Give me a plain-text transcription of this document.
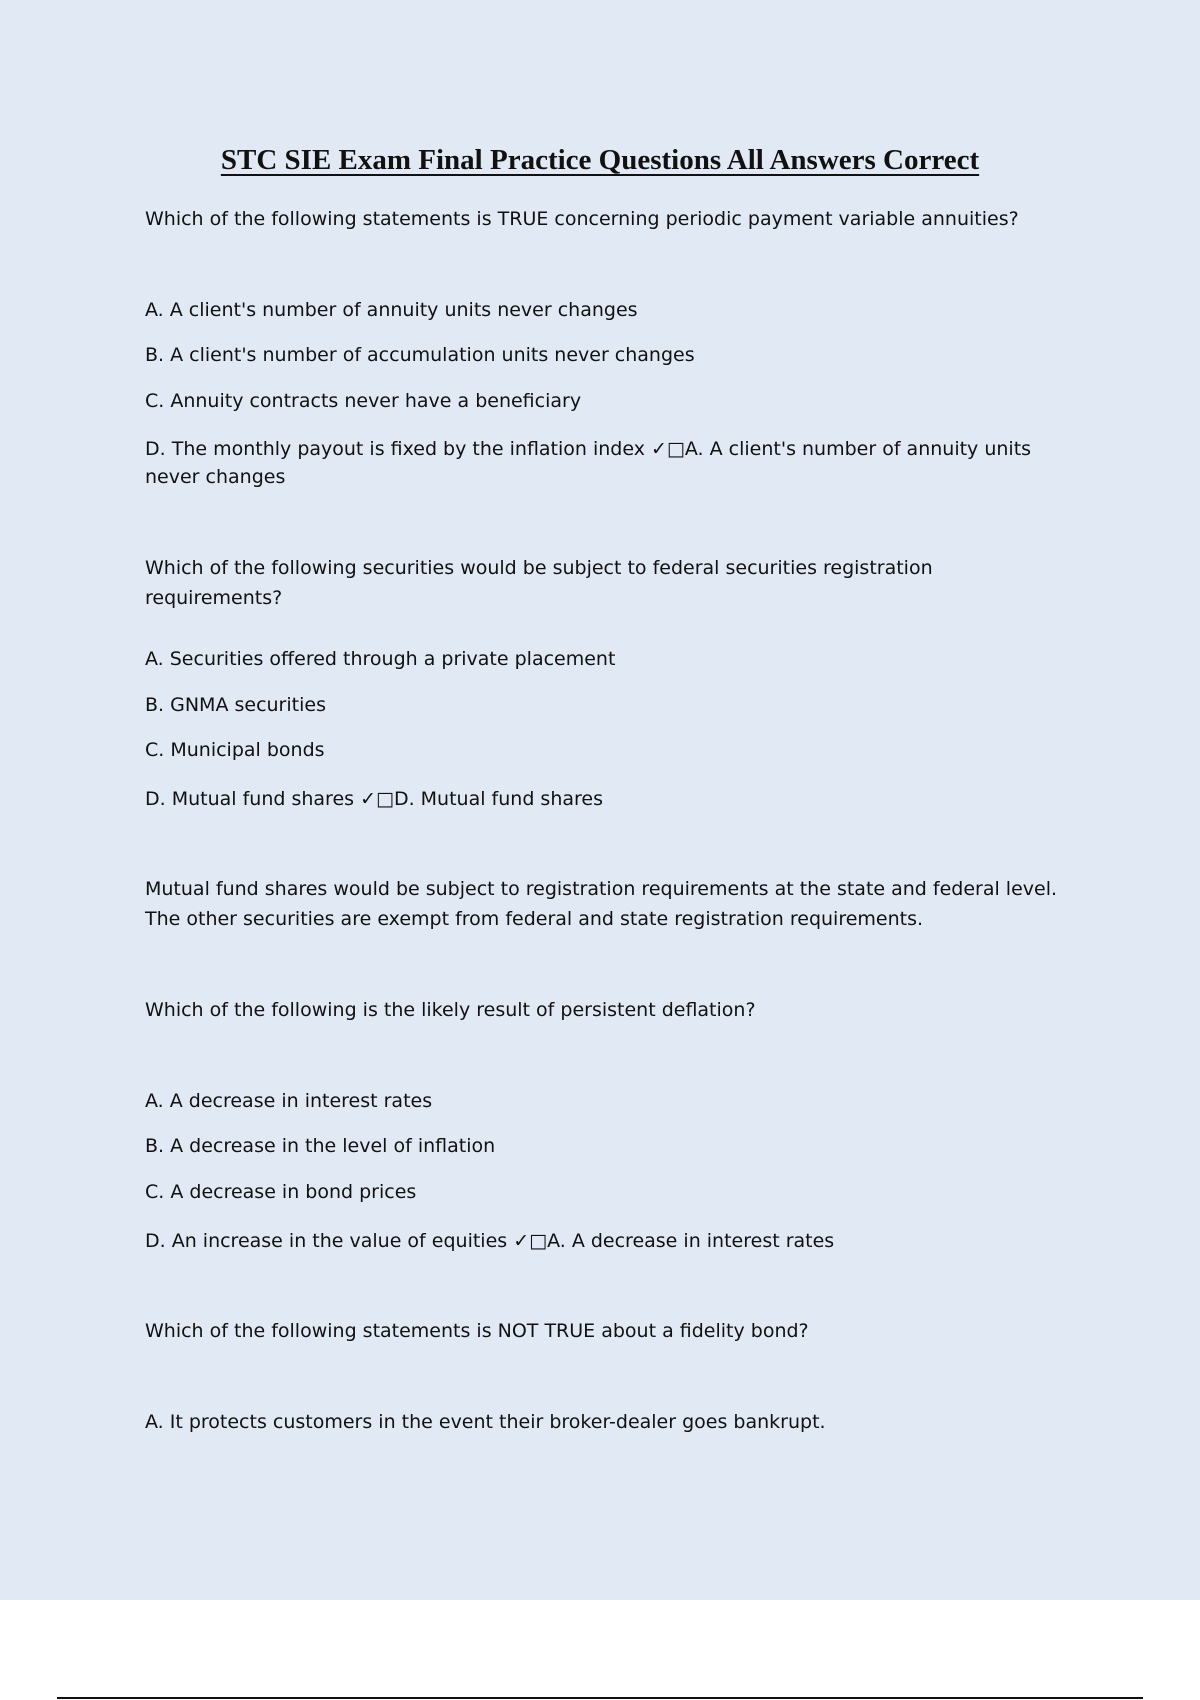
STC SIE Exam Final Practice Questions All Answers Correct

Which of the following statements is TRUE concerning periodic payment variable annuities?

A. A client's number of annuity units never changes

B. A client's number of accumulation units never changes

C. Annuity contracts never have a beneficiary

D. The monthly payout is fixed by the inflation index ✓□A. A client's number of annuity units never changes

Which of the following securities would be subject to federal securities registration requirements?

A. Securities offered through a private placement

B. GNMA securities

C. Municipal bonds

D. Mutual fund shares ✓□D. Mutual fund shares

Mutual fund shares would be subject to registration requirements at the state and federal level. The other securities are exempt from federal and state registration requirements.

Which of the following is the likely result of persistent deflation?

A. A decrease in interest rates

B. A decrease in the level of inflation

C. A decrease in bond prices

D. An increase in the value of equities ✓□A. A decrease in interest rates

Which of the following statements is NOT TRUE about a fidelity bond?

A. It protects customers in the event their broker-dealer goes bankrupt.
